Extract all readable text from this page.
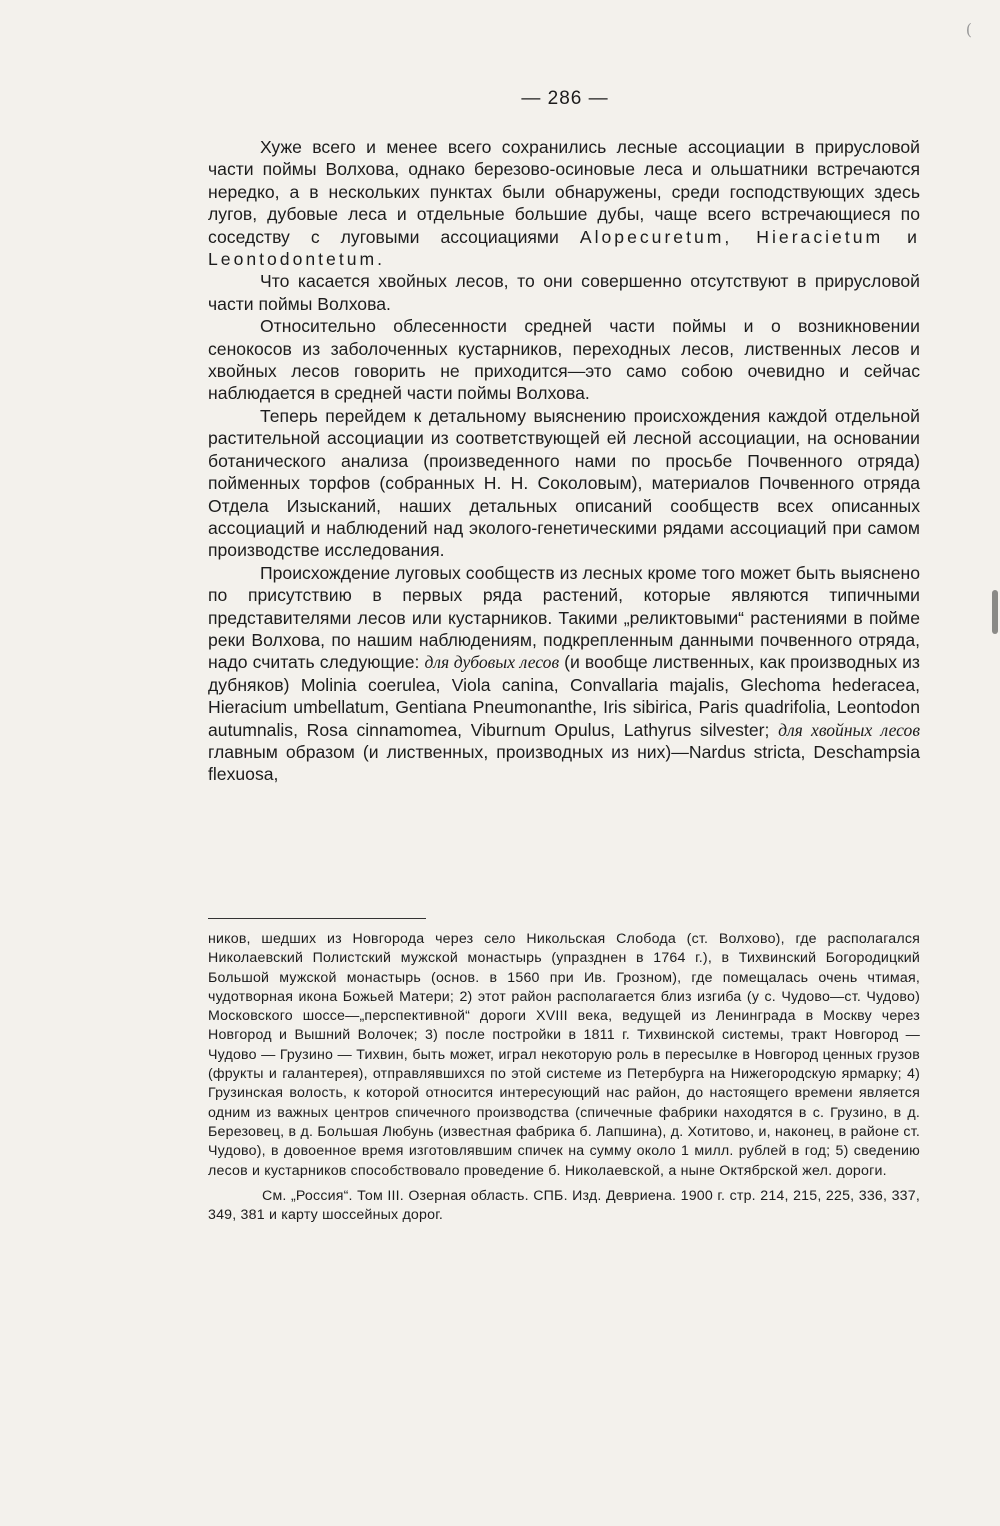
(
— 286 —

Хуже всего и менее всего сохранились лесные ассоциации в прирусловой части поймы Волхова, однако березово-осиновые леса и ольшатники встречаются нередко, а в нескольких пунктах были обнаружены, среди господствующих здесь лугов, дубовые леса и отдельные большие дубы, чаще всего встречающиеся по соседству с луговыми ассоциациями Alopecuretum, Hieracietum и Leontodontetum.

Что касается хвойных лесов, то они совершенно отсутствуют в прирусловой части поймы Волхова.

Относительно облесенности средней части поймы и о возникновении сенокосов из заболоченных кустарников, переходных лесов, лиственных лесов и хвойных лесов говорить не приходится—это само собою очевидно и сейчас наблюдается в средней части поймы Волхова.

Теперь перейдем к детальному выяснению происхождения каждой отдельной растительной ассоциации из соответствующей ей лесной ассоциации, на основании ботанического анализа (произведенного нами по просьбе Почвенного отряда) пойменных торфов (собранных Н. Н. Соколовым), материалов Почвенного отряда Отдела Изысканий, наших детальных описаний сообществ всех описанных ассоциаций и наблюдений над эколого-генетическими рядами ассоциаций при самом производстве исследования.

Происхождение луговых сообществ из лесных кроме того может быть выяснено по присутствию в первых ряда растений, которые являются типичными представителями лесов или кустарников. Такими „реликтовыми“ растениями в пойме реки Волхова, по нашим наблюдениям, подкрепленным данными почвенного отряда, надо считать следующие: для дубовых лесов (и вообще лиственных, как производных из дубняков) Molinia coerulea, Viola canina, Convallaria majalis, Glechoma hederacea, Hieracium umbellatum, Gentiana Pneumonanthe, Iris sibirica, Paris quadrifolia, Leontodon autumnalis, Rosa cinnamomea, Viburnum Opulus, Lathyrus silvester; для хвойных лесов главным образом (и лиственных, производных из них)—Nardus stricta, Deschampsia flexuosa,

ников, шедших из Новгорода через село Никольская Слобода (ст. Волхово), где располагался Николаевский Полистский мужской монастырь (упразднен в 1764 г.), в Тихвинский Богородицкий Большой мужской монастырь (основ. в 1560 при Ив. Грозном), где помещалась очень чтимая, чудотворная икона Божьей Матери; 2) этот район располагается близ изгиба (у с. Чудово—ст. Чудово) Московского шоссе—„перспективной“ дороги XVIII века, ведущей из Ленинграда в Москву через Новгород и Вышний Волочек; 3) после постройки в 1811 г. Тихвинской системы, тракт Новгород — Чудово — Грузино — Тихвин, быть может, играл некоторую роль в пересылке в Новгород ценных грузов (фрукты и галантерея), отправлявшихся по этой системе из Петербурга на Нижегородскую ярмарку; 4) Грузинская волость, к которой относится интересующий нас район, до настоящего времени является одним из важных центров спичечного производства (спичечные фабрики находятся в с. Грузино, в д. Березовец, в д. Большая Любунь (известная фабрика б. Лапшина), д. Хотитово, и, наконец, в районе ст. Чудово), в довоенное время изготовлявшим спичек на сумму около 1 милл. рублей в год; 5) сведению лесов и кустарников способствовало проведение б. Николаевской, а ныне Октябрской жел. дороги.

См. „Россия“. Том III. Озерная область. СПБ. Изд. Девриена. 1900 г. стр. 214, 215, 225, 336, 337, 349, 381 и карту шоссейных дорог.
